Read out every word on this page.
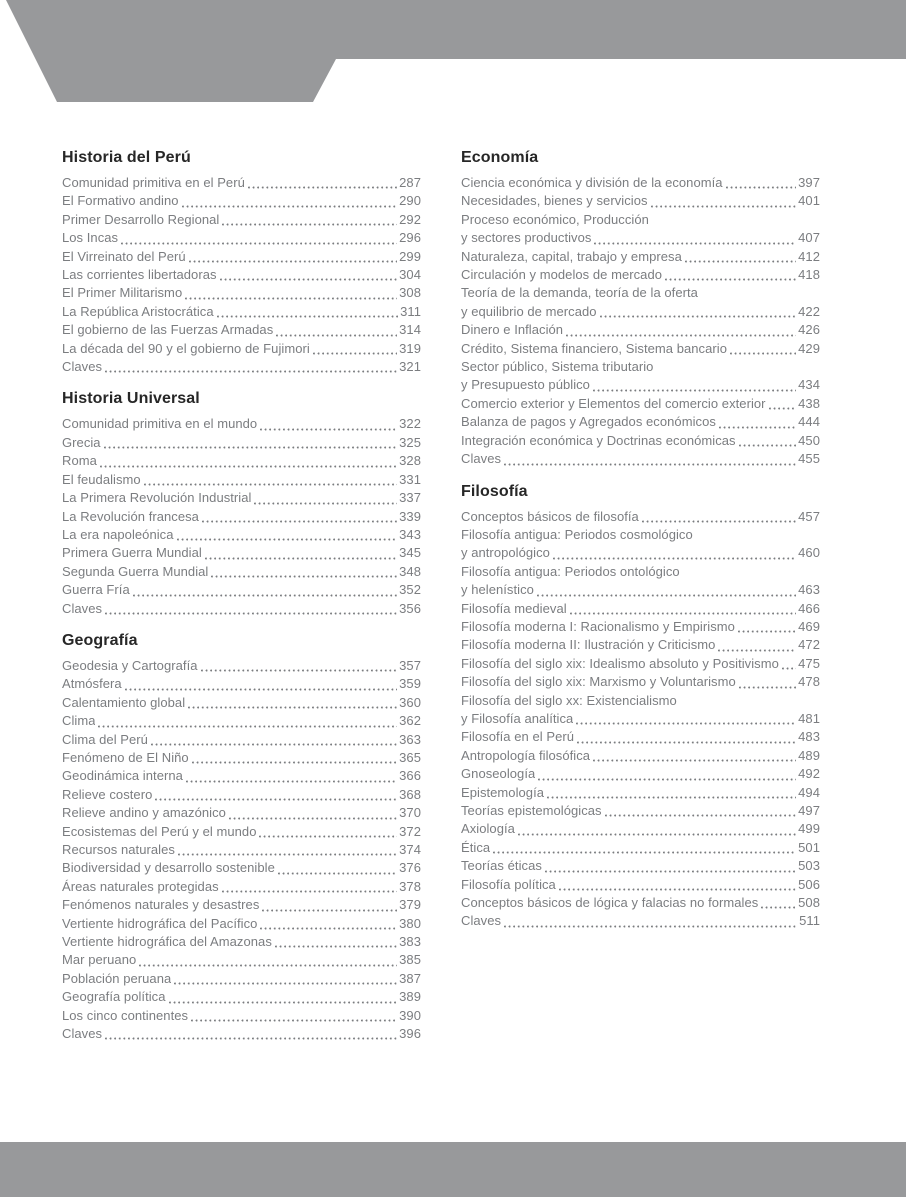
Historia del Perú
Comunidad primitiva en el Perú	287
El Formativo andino	290
Primer Desarrollo Regional	292
Los Incas	296
El Virreinato del Perú	299
Las corrientes libertadoras	304
El Primer Militarismo	308
La República Aristocrática	311
El gobierno de las Fuerzas Armadas	314
La década del 90 y el gobierno de Fujimori	319
Claves	321
Historia Universal
Comunidad primitiva en el mundo	322
Grecia	325
Roma	328
El feudalismo	331
La Primera Revolución Industrial	337
La Revolución francesa	339
La era napoleónica	343
Primera Guerra Mundial	345
Segunda Guerra Mundial	348
Guerra Fría	352
Claves	356
Geografía
Geodesia y Cartografía	357
Atmósfera	359
Calentamiento global	360
Clima	362
Clima del Perú	363
Fenómeno de El Niño	365
Geodinámica interna	366
Relieve costero	368
Relieve andino y amazónico	370
Ecosistemas del Perú y el mundo	372
Recursos naturales	374
Biodiversidad y desarrollo sostenible	376
Áreas naturales protegidas	378
Fenómenos naturales y desastres	379
Vertiente hidrográfica del Pacífico	380
Vertiente hidrográfica del Amazonas	383
Mar peruano	385
Población peruana	387
Geografía política	389
Los cinco continentes	390
Claves	396
Economía
Ciencia económica y división de la economía	397
Necesidades, bienes y servicios	401
Proceso económico, Producción
y sectores productivos	407
Naturaleza, capital, trabajo y empresa	412
Circulación y modelos de mercado	418
Teoría de la demanda, teoría de la oferta
y equilibrio de mercado	422
Dinero e Inflación	426
Crédito, Sistema financiero, Sistema bancario	429
Sector público, Sistema tributario
y Presupuesto público	434
Comercio exterior y Elementos del comercio exterior	438
Balanza de pagos y Agregados económicos	444
Integración económica y Doctrinas económicas	450
Claves	455
Filosofía
Conceptos básicos de filosofía	457
Filosofía antigua: Periodos cosmológico
y antropológico	460
Filosofía antigua: Periodos ontológico
y helenístico	463
Filosofía medieval	466
Filosofía moderna I: Racionalismo y Empirismo	469
Filosofía moderna II: Ilustración y Criticismo	472
Filosofía del siglo xix: Idealismo absoluto y Positivismo 475
Filosofía del siglo xix: Marxismo y Voluntarismo	478
Filosofía del siglo xx: Existencialismo
y Filosofía analítica	481
Filosofía en el Perú	483
Antropología filosófica	489
Gnoseología	492
Epistemología	494
Teorías epistemológicas	497
Axiología	499
Ética	501
Teorías éticas	503
Filosofía política	506
Conceptos básicos de lógica y falacias no formales	508
Claves	511
